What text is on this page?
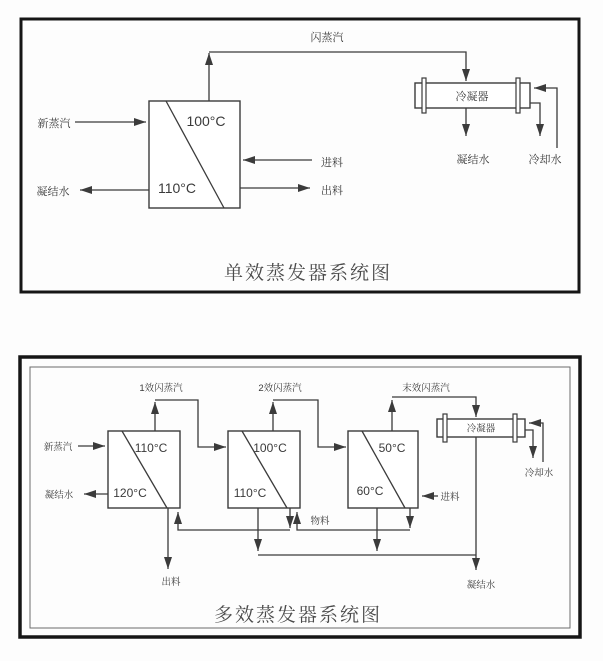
100°C
110°C
新蒸汽
凝结水
进料
出料
闪蒸汽
冷凝器
凝结水	冷却水
单效蒸发器系统图
110°C
120°C
100°C
110°C
50°C
60°C
新蒸汽
凝结水
1效闪蒸汽	2效闪蒸汽	末效闪蒸汽
冷凝器
冷却水
进料
物料
出料	凝结水
多效蒸发器系统图
